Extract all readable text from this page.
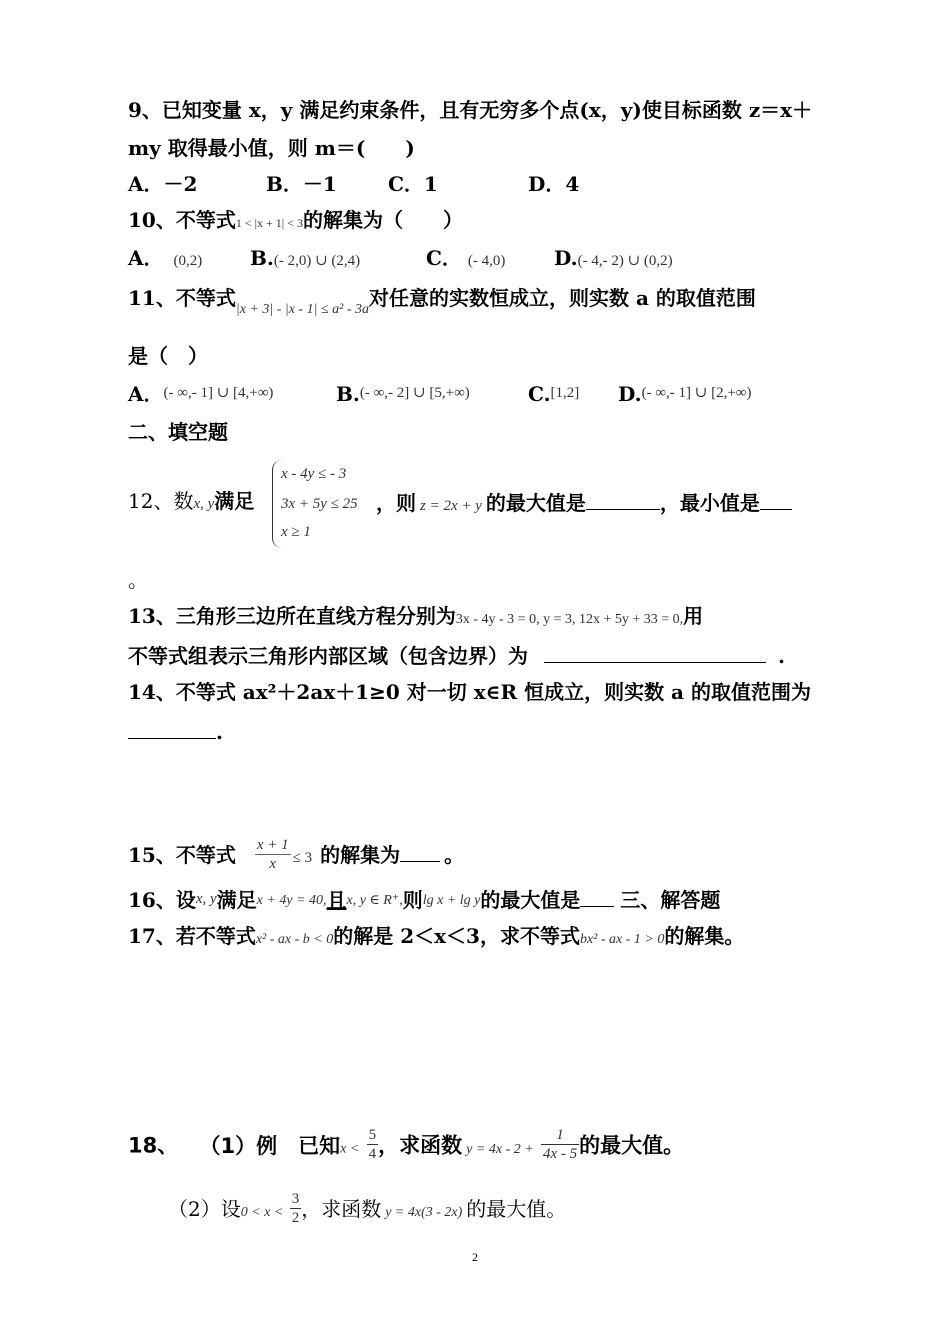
9、已知变量 x，y 满足约束条件，且有无穷多个点(x，y)使目标函数 z＝x＋
my 取得最小值，则 m＝(　　)
A．－2	B．－1	C．1	D．4
10、不等式1 < |x + 1| < 3的解集为（　　）
A． (0,2) B.(- 2,0) ∪ (2,4)	C． (- 4,0) D.(- 4,- 2) ∪ (0,2)
11、不等式$_{|x + 3| - |x - 1| \le a^2 - 3a}$对任意的实数恒成立，则实数 a 的取值范围
是（　）
A．$^{(- \infty,- 1] \cup [4,+\infty)}$	B.$^{(- \infty,- 2] \cup [5,+\infty)}$	C.[1,2] D.$^{(- \infty,- 1] \cup [2,+\infty)}$
二、填空题
12、数x, y满足
x - 4y ≤ - 3
3x + 5y ≤ 25
x ≥ 1
，则 z = 2x + y 的最大值是	，最小值是
。
13、三角形三边所在直线方程分别为3x - 4y - 3 = 0, y = 3, 12x + 5y + 33 = 0,用
不等式组表示三角形内部区域（包含边界）为	.
14、不等式 ax²＋2ax＋1≥0 对一切 x∈R 恒成立，则实数 a 的取值范围为
.
15、不等式 $\frac{x + 1}{x} \le 3$ 的解集为 。
16、设$^{x, y}$满足x + 4y = 40,且x, y ∈ R⁺,则lg x + lg y的最大值是 三、解答题
17、若不等式x² - ax - b < 0的解是 2＜x＜3，求不等式bx² - ax - 1 > 0的解集。
18、 （1）例　已知$x < \frac{5}{4}$ ，求函数 $y = 4x - 2 + \frac{1}{4x - 5}$ 的最大值。
（2）设$0 < x < \frac{3}{2}$ ，求函数 y = 4x(3 - 2x) 的最大值。
2
